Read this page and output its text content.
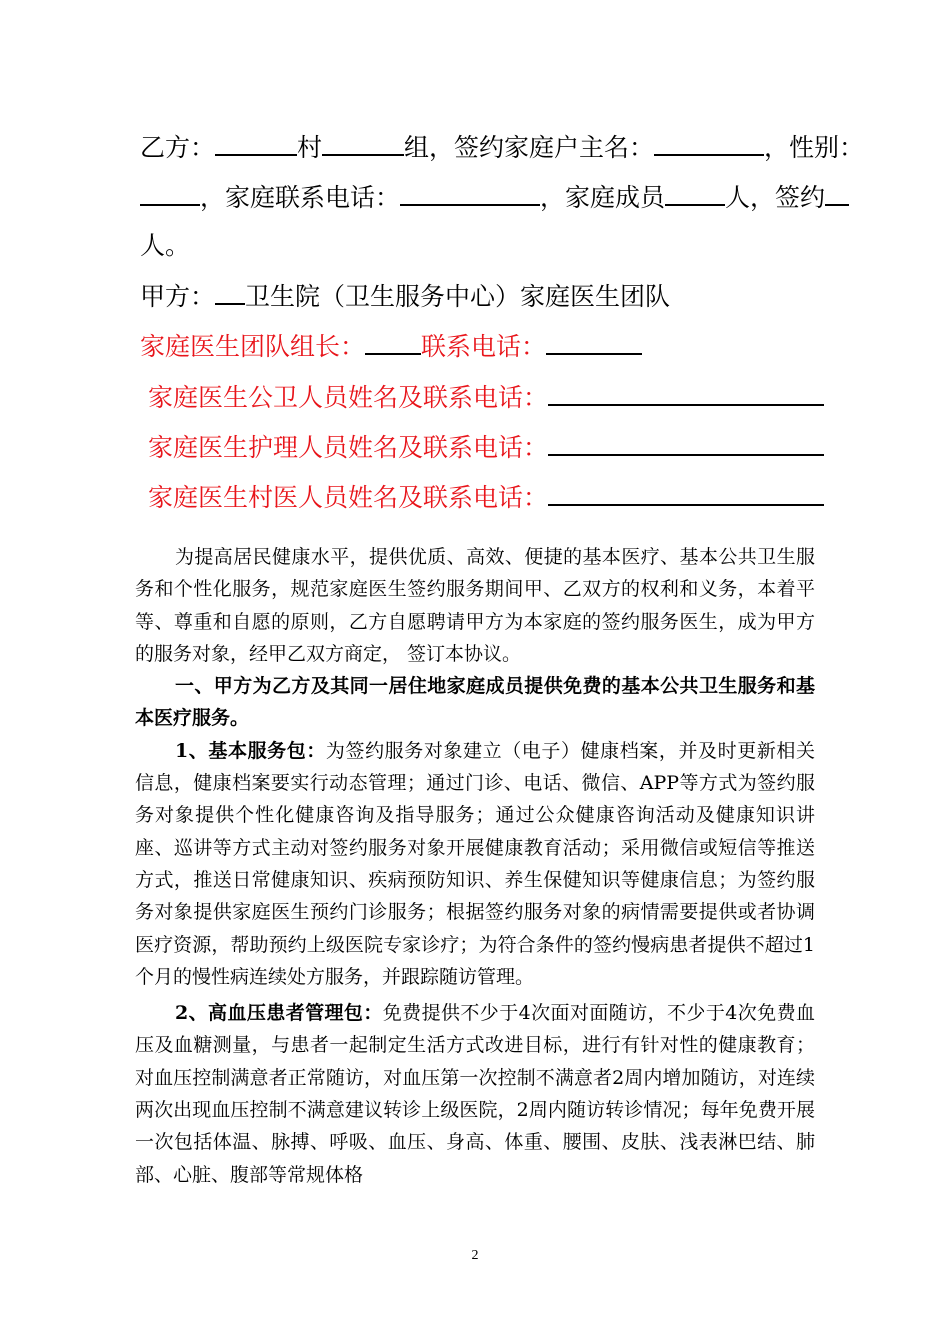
乙方：	村	组，签约家庭户主名：	，性别：
，家庭联系电话：	，家庭成员 人，签约
人。
甲方： 卫生院（卫生服务中心）家庭医生团队
家庭医生团队组长： 联系电话：
家庭医生公卫人员姓名及联系电话：
家庭医生护理人员姓名及联系电话：
家庭医生村医人员姓名及联系电话：

为提高居民健康水平，提供优质、高效、便捷的基本医疗、基本公共卫生服务和个性化服务，规范家庭医生签约服务期间甲、乙双方的权利和义务，本着平等、尊重和自愿的原则，乙方自愿聘请甲方为本家庭的签约服务医生，成为甲方的服务对象，经甲乙双方商定， 签订本协议。

一、甲方为乙方及其同一居住地家庭成员提供免费的基本公共卫生服务和基本医疗服务。

1、基本服务包：为签约服务对象建立（电子）健康档案，并及时更新相关信息，健康档案要实行动态管理；通过门诊、电话、微信、APP等方式为签约服务对象提供个性化健康咨询及指导服务；通过公众健康咨询活动及健康知识讲座、巡讲等方式主动对签约服务对象开展健康教育活动；采用微信或短信等推送方式，推送日常健康知识、疾病预防知识、养生保健知识等健康信息；为签约服务对象提供家庭医生预约门诊服务；根据签约服务对象的病情需要提供或者协调医疗资源，帮助预约上级医院专家诊疗；为符合条件的签约慢病患者提供不超过1个月的慢性病连续处方服务，并跟踪随访管理。

2、高血压患者管理包：免费提供不少于4次面对面随访，不少于4次免费血压及血糖测量，与患者一起制定生活方式改进目标，进行有针对性的健康教育；对血压控制满意者正常随访，对血压第一次控制不满意者2周内增加随访，对连续两次出现血压控制不满意建议转诊上级医院，2周内随访转诊情况；每年免费开展一次包括体温、脉搏、呼吸、血压、身高、体重、腰围、皮肤、浅表淋巴结、肺部、心脏、腹部等常规体格

2
